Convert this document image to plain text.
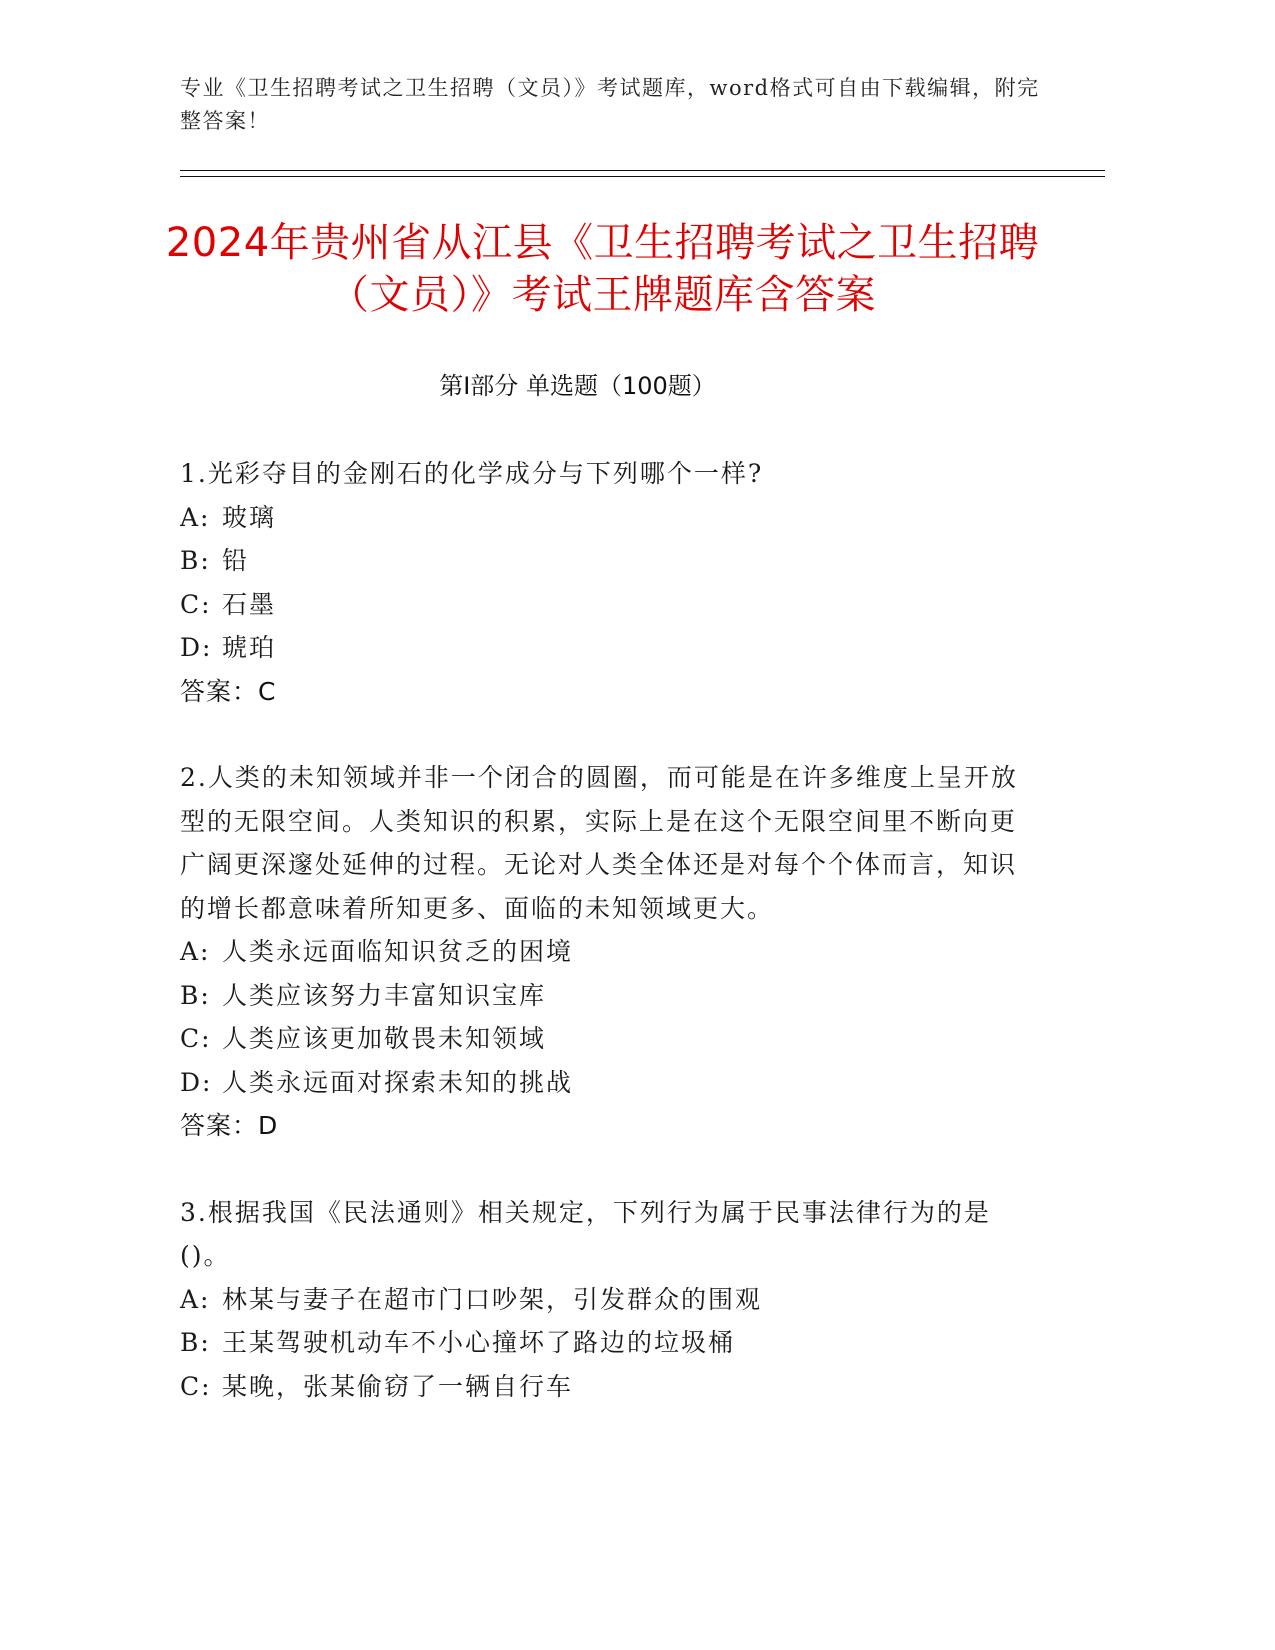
专业《卫生招聘考试之卫生招聘（文员）》考试题库，word格式可自由下载编辑，附完整答案！
2024年贵州省从江县《卫生招聘考试之卫生招聘（文员）》考试王牌题库含答案
第Ⅰ部分 单选题（100题）

1.光彩夺目的金刚石的化学成分与下列哪个一样?

A: 玻璃

B: 铅

C: 石墨

D: 琥珀

答案：C

2.人类的未知领域并非一个闭合的圆圈，而可能是在许多维度上呈开放型的无限空间。人类知识的积累，实际上是在这个无限空间里不断向更广阔更深邃处延伸的过程。无论对人类全体还是对每个个体而言，知识的增长都意味着所知更多、面临的未知领域更大。

A: 人类永远面临知识贫乏的困境

B: 人类应该努力丰富知识宝库

C: 人类应该更加敬畏未知领域

D: 人类永远面对探索未知的挑战

答案：D

3.根据我国《民法通则》相关规定，下列行为属于民事法律行为的是()。

A: 林某与妻子在超市门口吵架，引发群众的围观

B: 王某驾驶机动车不小心撞坏了路边的垃圾桶

C: 某晚，张某偷窃了一辆自行车
